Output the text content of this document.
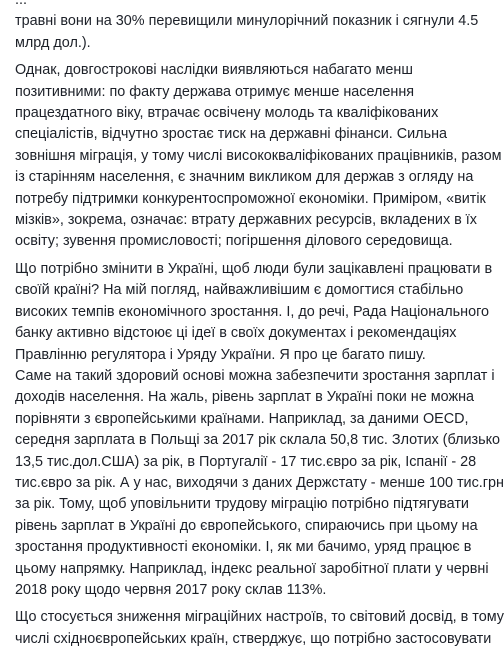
...
травні вони на 30% перевищили минулорічний показник і сягнули 4.5
млрд дол.).

Однак, довгострокові наслідки виявляються набагато менш
позитивними: по факту держава отримує менше населення
працездатного віку, втрачає освічену молодь та кваліфікованих
спеціалістів, відчутно зростає тиск на державні фінанси. Сильна
зовнішня міграція, у тому числі висококваліфікованих працівників, разом
із старінням населення, є значним викликом для держав з огляду на
потребу підтримки конкурентоспроможної економіки. Примiром, «витік
мізків», зокрема, означає: втрату державних ресурсів, вкладених в їх
освіту; зувення промисловості; погіршення ділового середовища.

Що потрібно змінити в Україні, щоб люди були зацікавлені працювати в
своїй країні? На мій погляд, найважливішим є домогтися стабільно
високих темпів економічного зростання. І, до речі, Рада Національного
банку активно відстоює ці ідеї в своїх документах і рекомендаціях
Правлінню регулятора і Уряду України. Я про це багато пишу.

Саме на такий здоровий основі можна забезпечити зростання зарплат і
доходів населення. На жаль, рівень зарплат в Україні поки не можна
порівняти з європейськими країнами. Наприклад, за даними OECD,
середня зарплата в Польщі за 2017 рік склала 50,8 тис. Злотих (близько
13,5 тис.дол.США) за рік, в Португалії - 17 тис.євро за рік, Іспанії - 28
тис.євро за рік. А у нас, виходячи з даних Держстату - менше 100 тис.грн
за рік. Тому, щоб уповільнити трудову міграцію потрібно підтягувати
рівень зарплат в Україні до європейського, спираючись при цьому на
зростання продуктивності економіки. І, як ми бачимо, уряд працює в
цьому напрямку. Наприклад, індекс реальної заробітної плати у червні
2018 року щодо червня 2017 року склав 113%.

Що стосується зниження міграційних настроїв, то світовий досвід, в тому
числі східноєвропейських країн, стверджує, що потрібно застосовувати
